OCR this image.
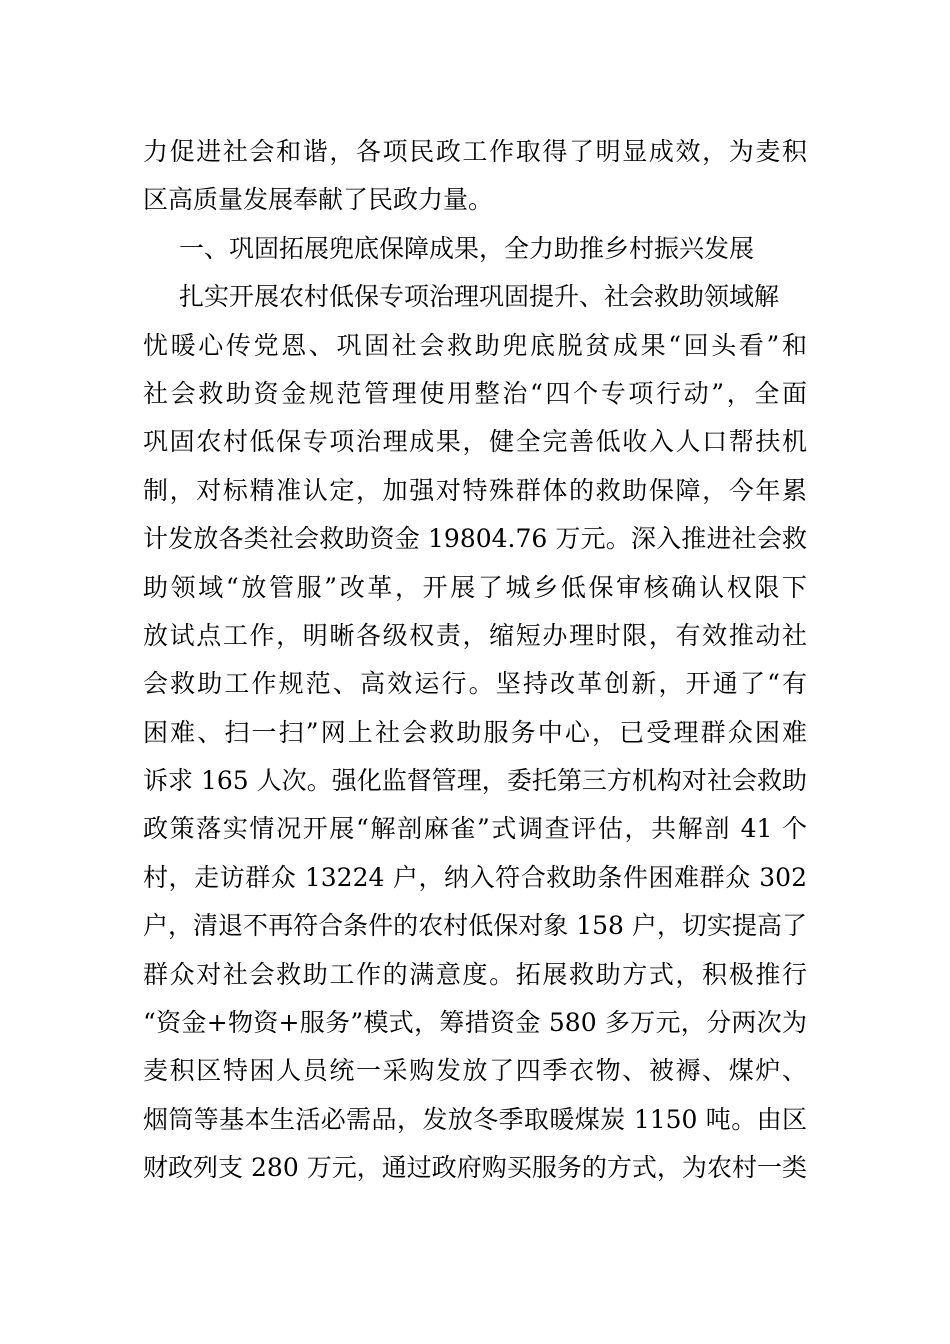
力促进社会和谐，各项民政工作取得了明显成效，为麦积
区高质量发展奉献了民政力量。
一、巩固拓展兜底保障成果，全力助推乡村振兴发展
扎实开展农村低保专项治理巩固提升、社会救助领域解
忧暖心传党恩、巩固社会救助兜底脱贫成果“回头看”和
社会救助资金规范管理使用整治“四个专项行动”，全面
巩固农村低保专项治理成果，健全完善低收入人口帮扶机
制，对标精准认定，加强对特殊群体的救助保障，今年累
计发放各类社会救助资金 19804.76 万元。深入推进社会救
助领域“放管服”改革，开展了城乡低保审核确认权限下
放试点工作，明晰各级权责，缩短办理时限，有效推动社
会救助工作规范、高效运行。坚持改革创新，开通了“有
困难、扫一扫”网上社会救助服务中心，已受理群众困难
诉求 165 人次。强化监督管理，委托第三方机构对社会救助
政策落实情况开展“解剖麻雀”式调查评估，共解剖 41 个
村，走访群众 13224 户，纳入符合救助条件困难群众 302
户，清退不再符合条件的农村低保对象 158 户，切实提高了
群众对社会救助工作的满意度。拓展救助方式，积极推行
“资金+物资+服务”模式，筹措资金 580 多万元，分两次为
麦积区特困人员统一采购发放了四季衣物、被褥、煤炉、
烟筒等基本生活必需品，发放冬季取暖煤炭 1150 吨。由区
财政列支 280 万元，通过政府购买服务的方式，为农村一类
